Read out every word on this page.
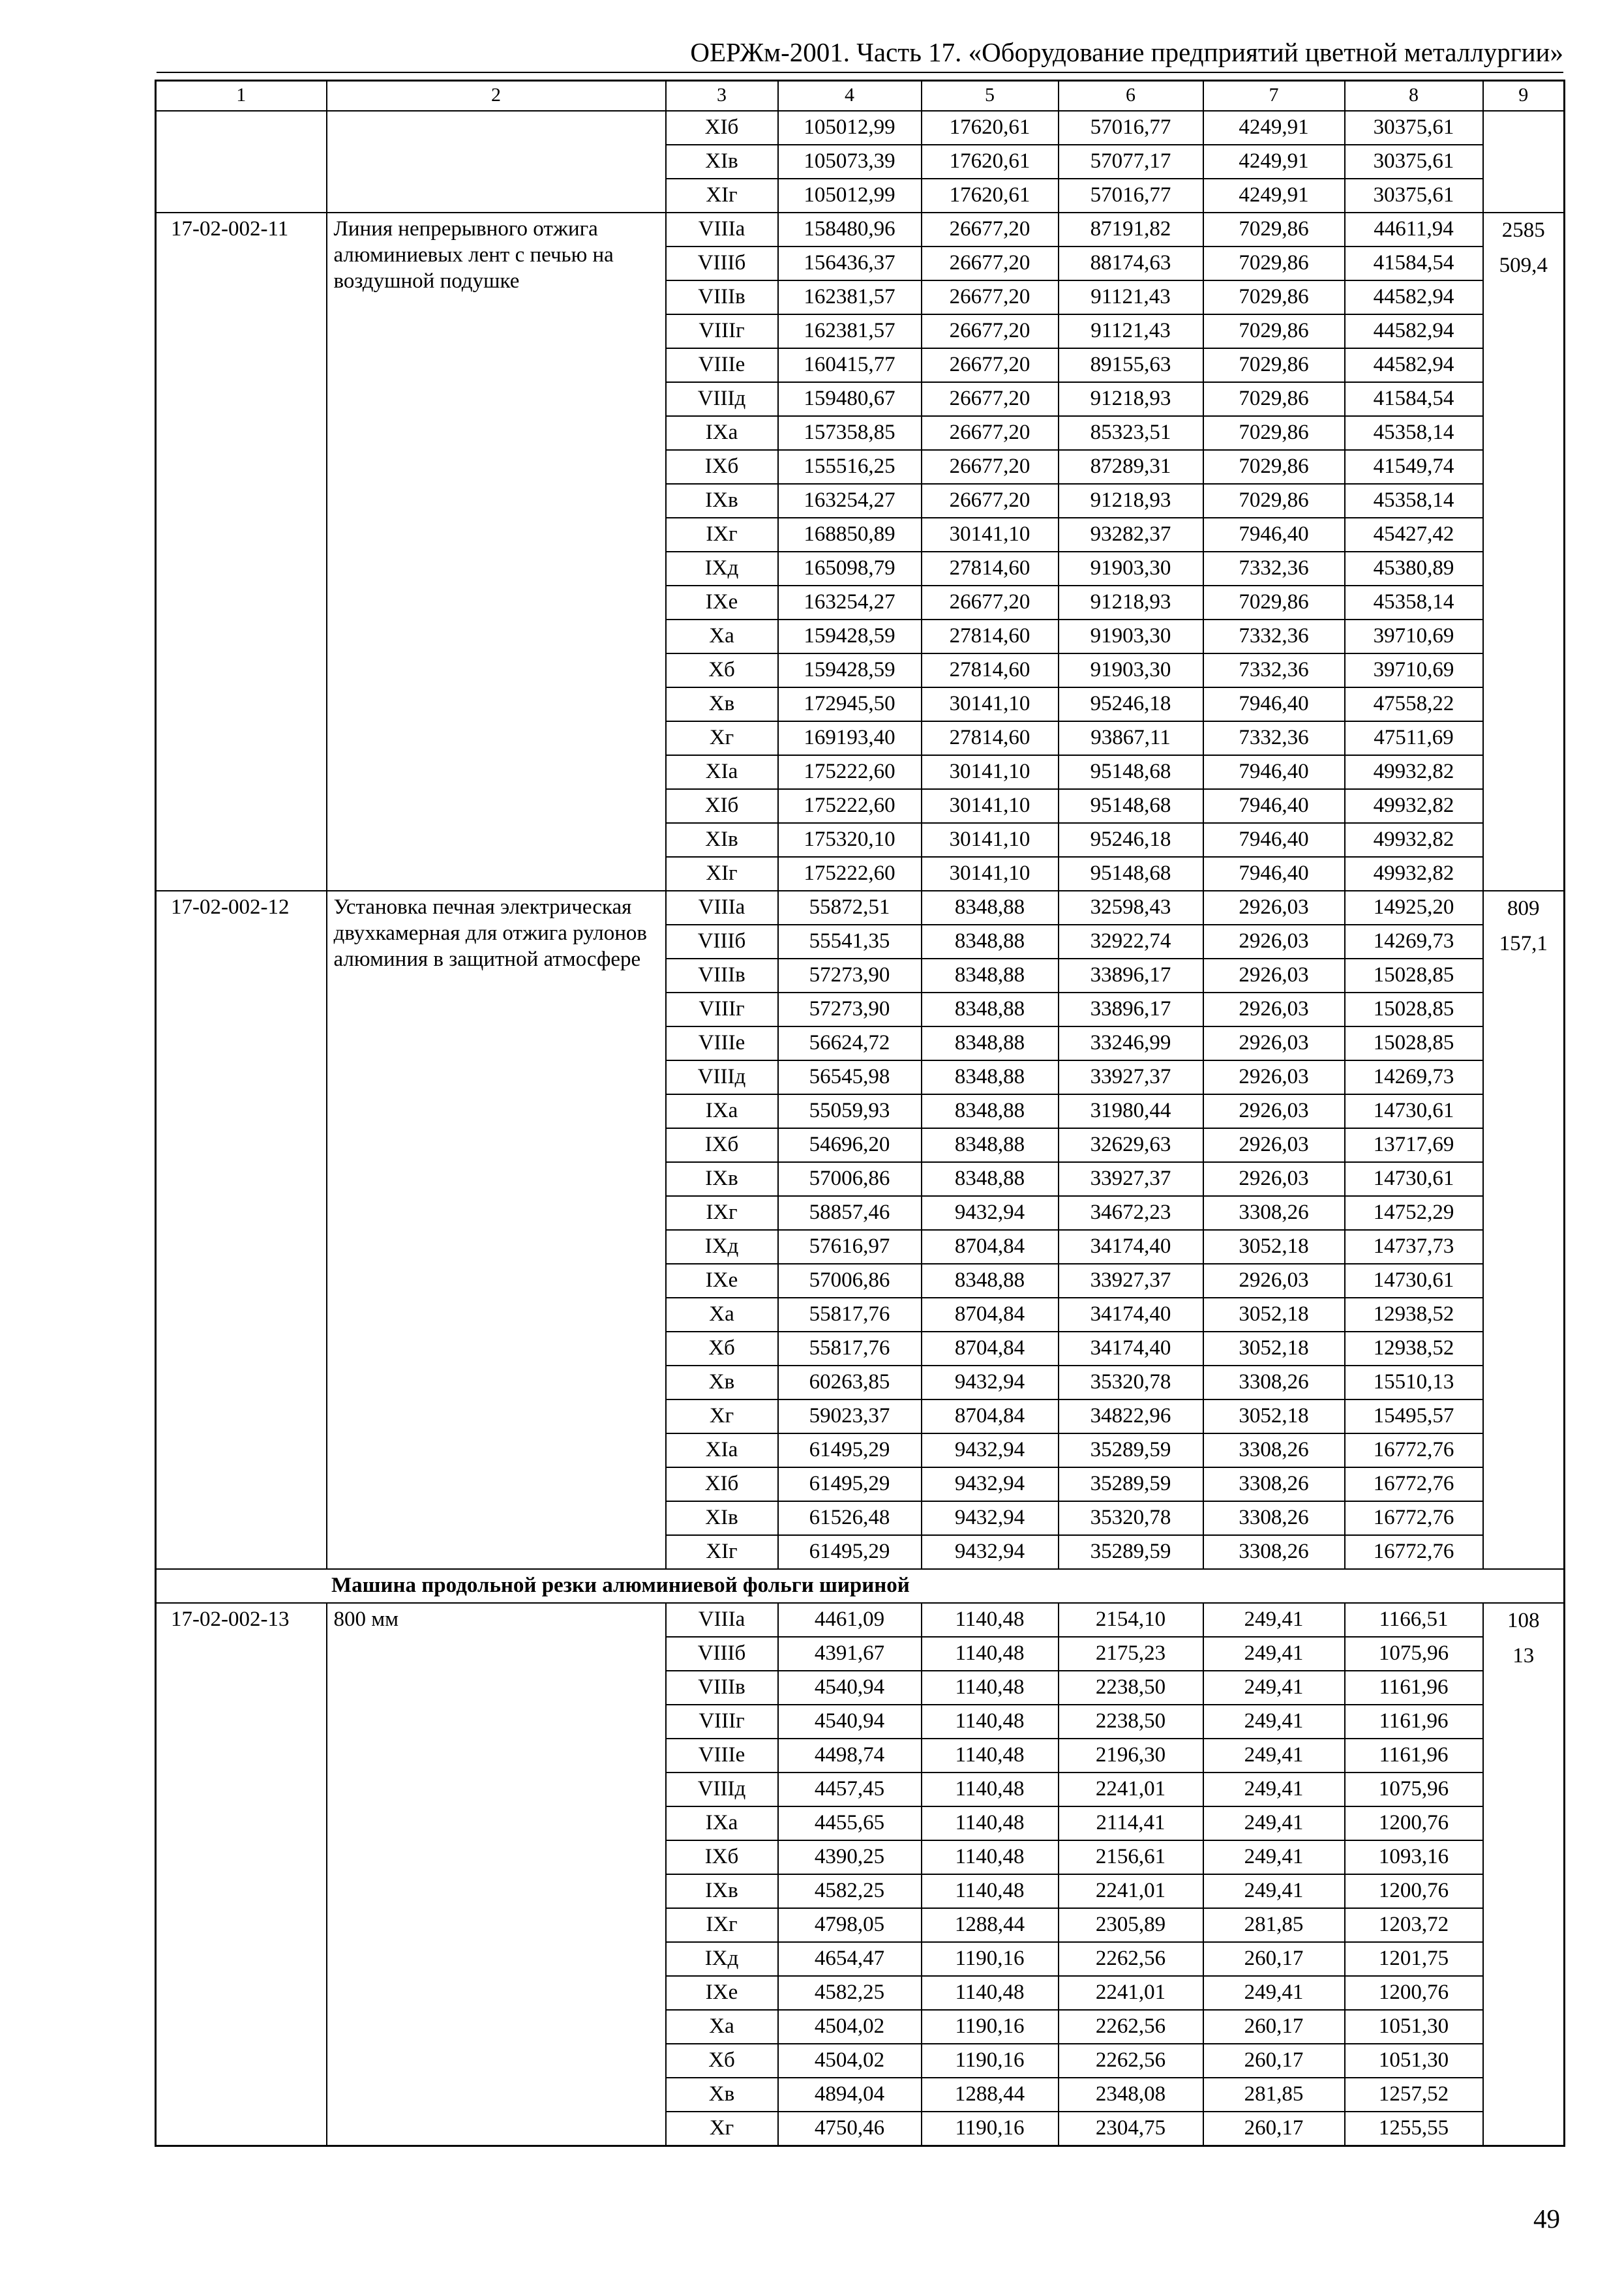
ОЕРЖм-2001. Часть 17. «Оборудование предприятий цветной металлургии»
1	2	3	4	5	6	7	8	9
		XIб	105012,99	17620,61	57016,77	4249,91	30375,61	

		XIв	105073,39	17620,61	57077,17	4249,91	30375,61	
		XIг	105012,99	17620,61	57016,77	4249,91	30375,61	
17-02-002-11	Линия непрерывного отжига алюминиевых лент с печью на воздушной подушке	VIIIа	158480,96	26677,20	87191,82	7029,86	44611,94	2585
509,4

		VIIIб	156436,37	26677,20	88174,63	7029,86	41584,54	
		VIIIв	162381,57	26677,20	91121,43	7029,86	44582,94	
		VIIIг	162381,57	26677,20	91121,43	7029,86	44582,94	
		VIIIе	160415,77	26677,20	89155,63	7029,86	44582,94	
		VIIIд	159480,67	26677,20	91218,93	7029,86	41584,54	
		IXа	157358,85	26677,20	85323,51	7029,86	45358,14	
		IXб	155516,25	26677,20	87289,31	7029,86	41549,74	
		IXв	163254,27	26677,20	91218,93	7029,86	45358,14	
		IXг	168850,89	30141,10	93282,37	7946,40	45427,42	
		IXд	165098,79	27814,60	91903,30	7332,36	45380,89	
		IXе	163254,27	26677,20	91218,93	7029,86	45358,14	
		Xа	159428,59	27814,60	91903,30	7332,36	39710,69	
		Xб	159428,59	27814,60	91903,30	7332,36	39710,69	
		Xв	172945,50	30141,10	95246,18	7946,40	47558,22	
		Xг	169193,40	27814,60	93867,11	7332,36	47511,69	
		XIа	175222,60	30141,10	95148,68	7946,40	49932,82	
		XIб	175222,60	30141,10	95148,68	7946,40	49932,82	
		XIв	175320,10	30141,10	95246,18	7946,40	49932,82	
		XIг	175222,60	30141,10	95148,68	7946,40	49932,82	
17-02-002-12	Установка печная электрическая двухкамерная для отжига рулонов алюминия в защитной атмосфере	VIIIа	55872,51	8348,88	32598,43	2926,03	14925,20	809
157,1

		VIIIб	55541,35	8348,88	32922,74	2926,03	14269,73	
		VIIIв	57273,90	8348,88	33896,17	2926,03	15028,85	
		VIIIг	57273,90	8348,88	33896,17	2926,03	15028,85	
		VIIIе	56624,72	8348,88	33246,99	2926,03	15028,85	
		VIIIд	56545,98	8348,88	33927,37	2926,03	14269,73	
		IXа	55059,93	8348,88	31980,44	2926,03	14730,61	
		IXб	54696,20	8348,88	32629,63	2926,03	13717,69	
		IXв	57006,86	8348,88	33927,37	2926,03	14730,61	
		IXг	58857,46	9432,94	34672,23	3308,26	14752,29	
		IXд	57616,97	8704,84	34174,40	3052,18	14737,73	
		IXе	57006,86	8348,88	33927,37	2926,03	14730,61	
		Xа	55817,76	8704,84	34174,40	3052,18	12938,52	
		Xб	55817,76	8704,84	34174,40	3052,18	12938,52	
		Xв	60263,85	9432,94	35320,78	3308,26	15510,13	
		Xг	59023,37	8704,84	34822,96	3052,18	15495,57	
		XIа	61495,29	9432,94	35289,59	3308,26	16772,76	
		XIб	61495,29	9432,94	35289,59	3308,26	16772,76	
		XIв	61526,48	9432,94	35320,78	3308,26	16772,76	
		XIг	61495,29	9432,94	35289,59	3308,26	16772,76	
Машина продольной резки алюминиевой фольги шириной								
17-02-002-13	800 мм	VIIIа	4461,09	1140,48	2154,10	249,41	1166,51	108
13

		VIIIб	4391,67	1140,48	2175,23	249,41	1075,96	
		VIIIв	4540,94	1140,48	2238,50	249,41	1161,96	
		VIIIг	4540,94	1140,48	2238,50	249,41	1161,96	
		VIIIе	4498,74	1140,48	2196,30	249,41	1161,96	
		VIIIд	4457,45	1140,48	2241,01	249,41	1075,96	
		IXа	4455,65	1140,48	2114,41	249,41	1200,76	
		IXб	4390,25	1140,48	2156,61	249,41	1093,16	
		IXв	4582,25	1140,48	2241,01	249,41	1200,76	
		IXг	4798,05	1288,44	2305,89	281,85	1203,72	
		IXд	4654,47	1190,16	2262,56	260,17	1201,75	
		IXе	4582,25	1140,48	2241,01	249,41	1200,76	
		Xа	4504,02	1190,16	2262,56	260,17	1051,30	
		Xб	4504,02	1190,16	2262,56	260,17	1051,30	
		Xв	4894,04	1288,44	2348,08	281,85	1257,52	
		Xг	4750,46	1190,16	2304,75	260,17	1255,55	
49
